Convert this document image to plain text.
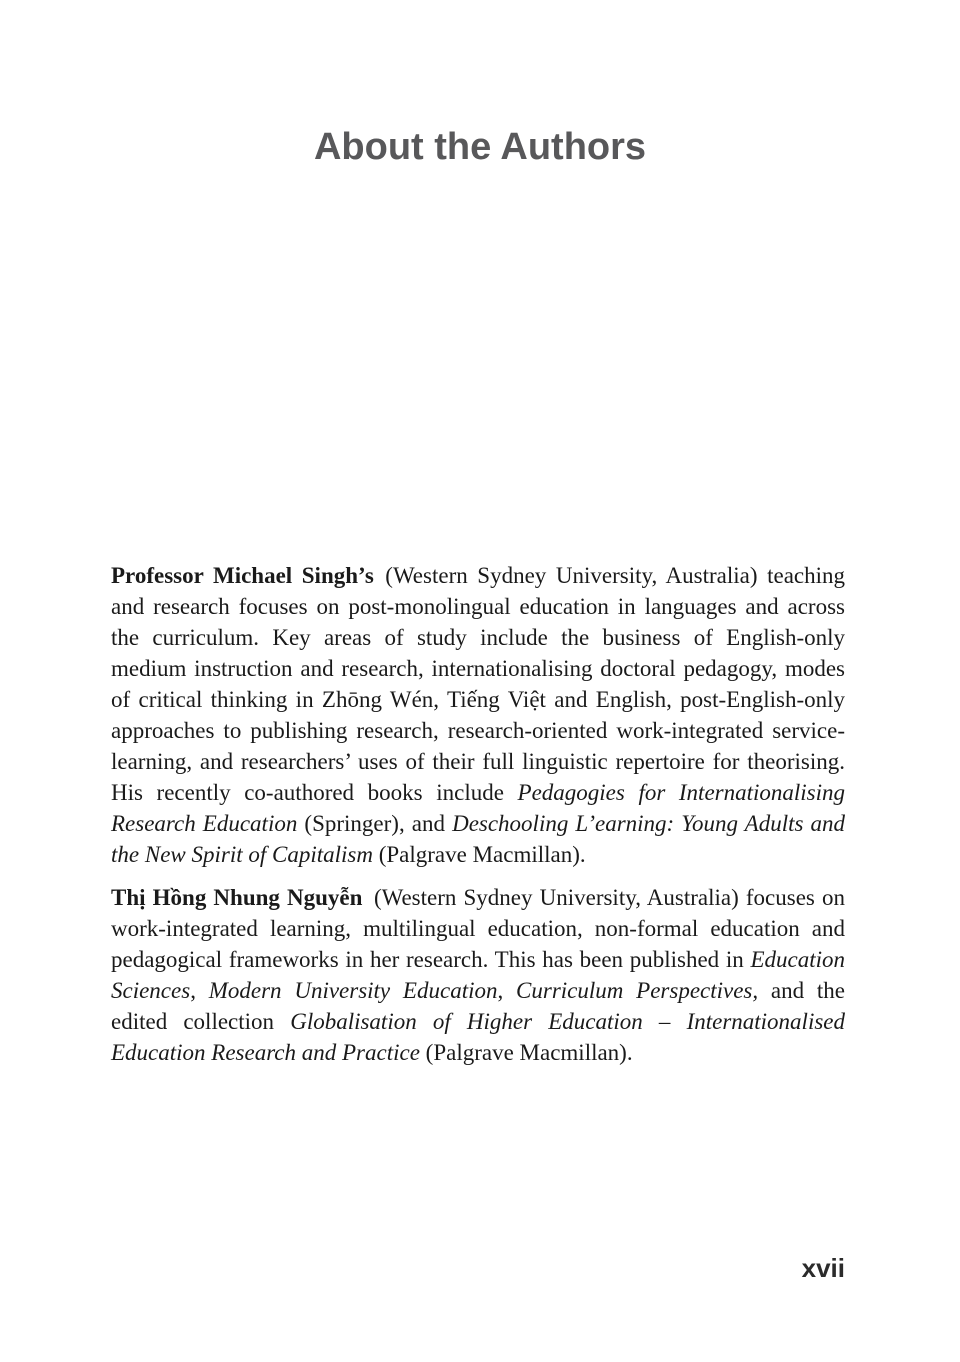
About the Authors

Professor Michael Singh’s (Western Sydney University, Australia) teaching and research focuses on post-monolingual education in languages and across the curriculum. Key areas of study include the business of English-only medium instruction and research, internationalising doctoral pedagogy, modes of critical thinking in Zhōng Wén, Tiếng Việt and English, post-English-only approaches to publishing research, research-oriented work-integrated service-learning, and researchers’ uses of their full linguistic repertoire for theorising. His recently co-authored books include Pedagogies for Internationalising Research Education (Springer), and Deschooling L’earning: Young Adults and the New Spirit of Capitalism (Palgrave Macmillan).

Thị Hồng Nhung Nguyễn (Western Sydney University, Australia) focuses on work-integrated learning, multilingual education, non-formal education and pedagogical frameworks in her research. This has been published in Education Sciences, Modern University Education, Curriculum Perspectives, and the edited collection Globalisation of Higher Education – Internationalised Education Research and Practice (Palgrave Macmillan).

xvii
